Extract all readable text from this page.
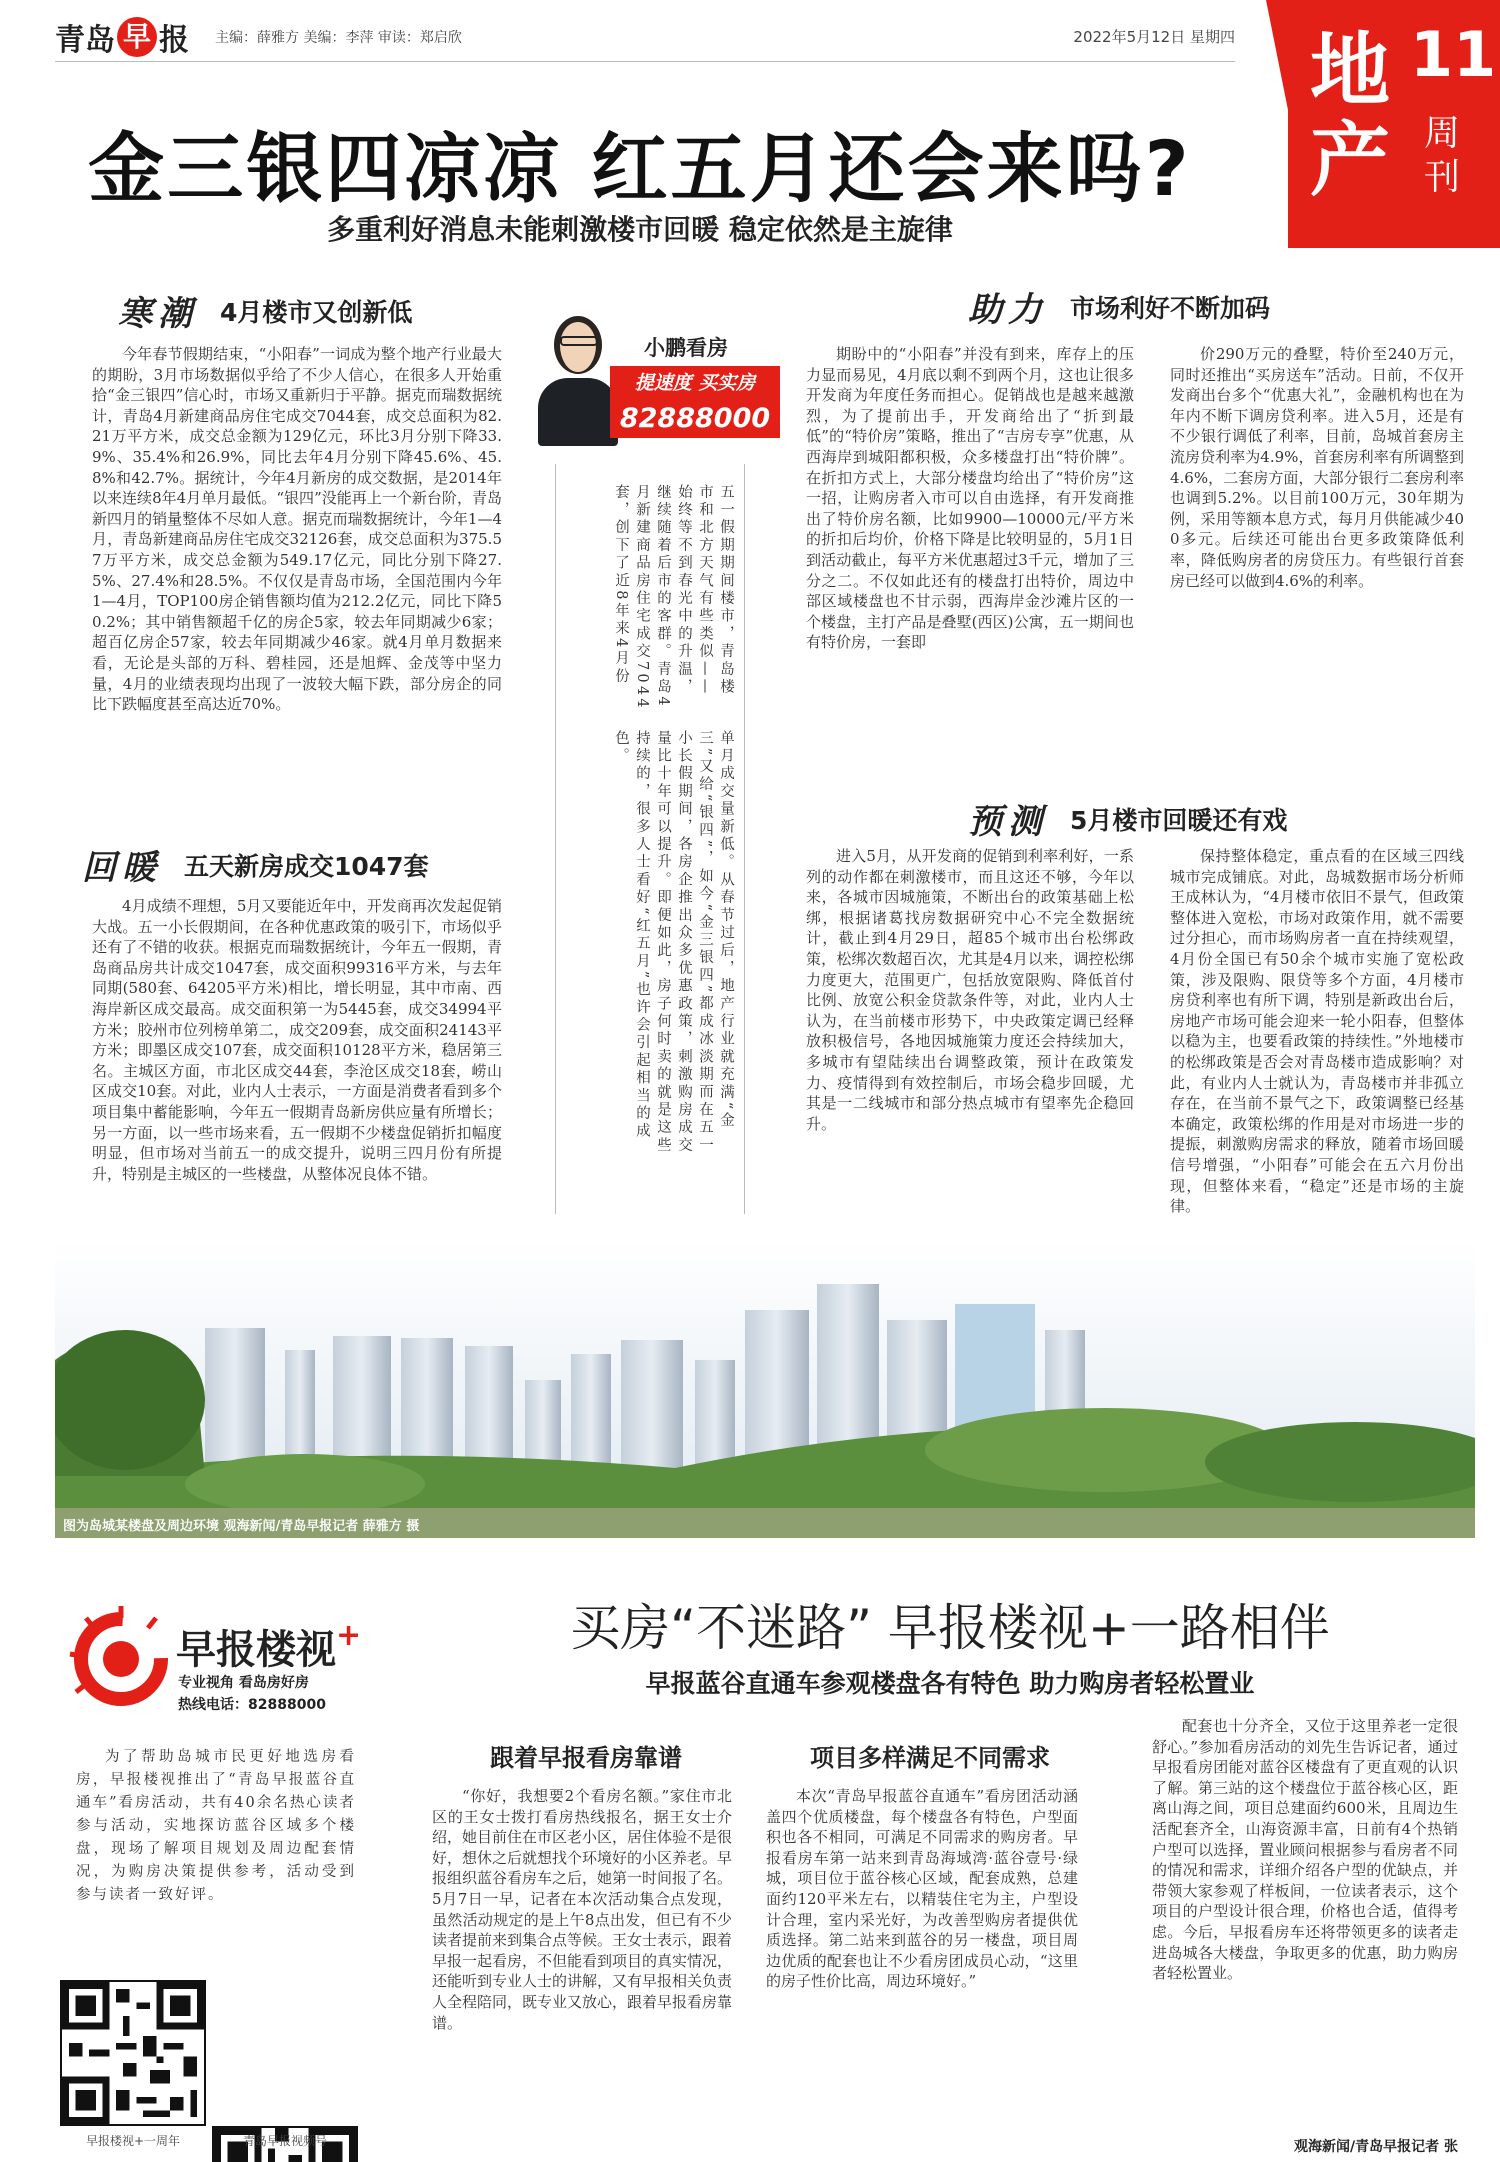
青岛 早 报 主编：薛雅方 美编：李萍 审读：郑启欣	2022年5月12日 星期四 地
产
11
周刊
金三银四凉凉 红五月还会来吗?
多重利好消息未能刺激楼市回暖 稳定依然是主旋律
寒潮 4月楼市又创新低
今年春节假期结束，“小阳春”一词成为整个地产行业最大的期盼，3月市场数据似乎给了不少人信心，在很多人开始重拾“金三银四”信心时，市场又重新归于平静。据克而瑞数据统计，青岛4月新建商品房住宅成交7044套，成交总面积为82.21万平方米，成交总金额为129亿元，环比3月分别下降33.9%、35.4%和26.9%，同比去年4月分别下降45.6%、45.8%和42.7%。据统计，今年4月新房的成交数据，是2014年以来连续8年4月单月最低。“银四”没能再上一个新台阶，青岛新四月的销量整体不尽如人意。据克而瑞数据统计，今年1—4月，青岛新建商品房住宅成交32126套，成交总面积为375.57万平方米，成交总金额为549.17亿元，同比分别下降27.5%、27.4%和28.5%。不仅仅是青岛市场，全国范围内今年1—4月，TOP100房企销售额均值为212.2亿元，同比下降50.2%；其中销售额超千亿的房企5家，较去年同期减少6家；超百亿房企57家，较去年同期减少46家。就4月单月数据来看，无论是头部的万科、碧桂园，还是旭辉、金茂等中坚力量，4月的业绩表现均出现了一波较大幅下跌，部分房企的同比下跌幅度甚至高达近70%。
回暖 五天新房成交1047套
4月成绩不理想，5月又要能近年中，开发商再次发起促销大战。五一小长假期间，在各种优惠政策的吸引下，市场似乎还有了不错的收获。根据克而瑞数据统计，今年五一假期，青岛商品房共计成交1047套，成交面积99316平方米，与去年同期(580套、64205平方米)相比，增长明显，其中市南、西海岸新区成交最高。成交面积第一为5445套，成交34994平方米；胶州市位列榜单第二，成交209套，成交面积24143平方米；即墨区成交107套，成交面积10128平方米，稳居第三名。主城区方面，市北区成交44套，李沧区成交18套，崂山区成交10套。对此，业内人士表示，一方面是消费者看到多个项目集中蓄能影响，今年五一假期青岛新房供应量有所增长；另一方面，以一些市场来看，五一假期不少楼盘促销折扣幅度明显，但市场对当前五一的成交提升，说明三四月份有所提升，特别是主城区的一些楼盘，从整体况良体不错。
小鹏看房
提速度 买实房
82888000
五一假期期间楼市，青岛楼市和北方天气有些类似——始终等不到春光中的升温，继续随着后市的客群。青岛4月新建商品房住宅成交7044套，创下了近8年来4月份
单月成交量新低。从春节过后，地产行业就充满“金三”又给“银四”，如今“金三银四”都成冰淡期而在五一小长假期间，各房企推出众多优惠政策，刺激购房成交量比十年可以提升。即便如此，房子何时卖的就是这些持续的，很多人士看好“红五月”也许会引起相当的成色。
助力 市场利好不断加码
期盼中的“小阳春”并没有到来，库存上的压力显而易见，4月底以剩不到两个月，这也让很多开发商为年度任务而担心。促销战也是越来越激烈，为了提前出手，开发商给出了“折到最低”的“特价房”策略，推出了“吉房专享”优惠，从西海岸到城阳都积极，众多楼盘打出“特价牌”。在折扣方式上，大部分楼盘均给出了“特价房”这一招，让购房者入市可以自由选择，有开发商推出了特价房名额，比如9900—10000元/平方米的折扣后均价，价格下降是比较明显的，5月1日到活动截止，每平方米优惠超过3千元，增加了三分之二。不仅如此还有的楼盘打出特价，周边中部区域楼盘也不甘示弱，西海岸金沙滩片区的一个楼盘，主打产品是叠墅(西区)公寓，五一期间也有特价房，一套即
价290万元的叠墅，特价至240万元，同时还推出“买房送车”活动。日前，不仅开发商出台多个“优惠大礼”，金融机构也在为年内不断下调房贷利率。进入5月，还是有不少银行调低了利率，目前，岛城首套房主流房贷利率为4.9%，首套房利率有所调整到4.6%，二套房方面，大部分银行二套房利率也调到5.2%。以目前100万元，30年期为例，采用等额本息方式，每月月供能减少400多元。后续还可能出台更多政策降低利率，降低购房者的房贷压力。有些银行首套房已经可以做到4.6%的利率。
预测 5月楼市回暖还有戏
进入5月，从开发商的促销到利率利好，一系列的动作都在刺激楼市，而且这还不够，今年以来，各城市因城施策，不断出台的政策基础上松绑，根据诸葛找房数据研究中心不完全数据统计，截止到4月29日，超85个城市出台松绑政策，松绑次数超百次，尤其是4月以来，调控松绑力度更大，范围更广，包括放宽限购、降低首付比例、放宽公积金贷款条件等，对此，业内人士认为，在当前楼市形势下，中央政策定调已经释放积极信号，各地因城施策力度还会持续加大，多城市有望陆续出台调整政策，预计在政策发力、疫情得到有效控制后，市场会稳步回暖，尤其是一二线城市和部分热点城市有望率先企稳回升。
保持整体稳定，重点看的在区域三四线城市完成铺底。对此，岛城数据市场分析师王成林认为，“4月楼市依旧不景气，但政策整体进入宽松，市场对政策作用，就不需要过分担心，而市场购房者一直在持续观望，4月份全国已有50余个城市实施了宽松政策，涉及限购、限贷等多个方面，4月楼市房贷利率也有所下调，特别是新政出台后，房地产市场可能会迎来一轮小阳春，但整体以稳为主，也要看政策的持续性。”外地楼市的松绑政策是否会对青岛楼市造成影响？对此，有业内人士就认为，青岛楼市并非孤立存在，在当前不景气之下，政策调整已经基本确定，政策松绑的作用是对市场进一步的提振，刺激购房需求的释放，随着市场回暖信号增强，“小阳春”可能会在五六月份出现，但整体来看，“稳定”还是市场的主旋律。
图为岛城某楼盘及周边环境 观海新闻/青岛早报记者 薛雅方 摄
早报楼视+
专业视角 看岛房好房
热线电话：82888000
买房“不迷路” 早报楼视+一路相伴
早报蓝谷直通车参观楼盘各有特色 助力购房者轻松置业
为了帮助岛城市民更好地选房看房，早报楼视推出了“青岛早报蓝谷直通车”看房活动，共有40余名热心读者参与活动，实地探访蓝谷区域多个楼盘，现场了解项目规划及周边配套情况，为购房决策提供参考，活动受到参与读者一致好评。
早报楼视+一周年	青岛早报视频号
跟着早报看房靠谱
“你好，我想要2个看房名额。”家住市北区的王女士拨打看房热线报名，据王女士介绍，她目前住在市区老小区，居住体验不是很好，想休之后就想找个环境好的小区养老。早报组织蓝谷看房车之后，她第一时间报了名。5月7日一早，记者在本次活动集合点发现，虽然活动规定的是上午8点出发，但已有不少读者提前来到集合点等候。王女士表示，跟着早报一起看房，不但能看到项目的真实情况，还能听到专业人士的讲解，又有早报相关负责人全程陪同，既专业又放心，跟着早报看房靠谱。
项目多样满足不同需求
本次“青岛早报蓝谷直通车”看房团活动涵盖四个优质楼盘，每个楼盘各有特色，户型面积也各不相同，可满足不同需求的购房者。早报看房车第一站来到青岛海域湾·蓝谷壹号·绿城，项目位于蓝谷核心区域，配套成熟，总建面约120平米左右，以精装住宅为主，户型设计合理，室内采光好，为改善型购房者提供优质选择。第二站来到蓝谷的另一楼盘，项目周边优质的配套也让不少看房团成员心动，“这里的房子性价比高，周边环境好。”
配套也十分齐全，又位于这里养老一定很舒心。”参加看房活动的刘先生告诉记者，通过早报看房团能对蓝谷区楼盘有了更直观的认识了解。第三站的这个楼盘位于蓝谷核心区，距离山海之间，项目总建面约600米，且周边生活配套齐全，山海资源丰富，日前有4个热销户型可以选择，置业顾问根据参与看房者不同的情况和需求，详细介绍各户型的优缺点，并带领大家参观了样板间，一位读者表示，这个项目的户型设计很合理，价格也合适，值得考虑。今后，早报看房车还将带领更多的读者走进岛城各大楼盘，争取更多的优惠，助力购房者轻松置业。
观海新闻/青岛早报记者 张
